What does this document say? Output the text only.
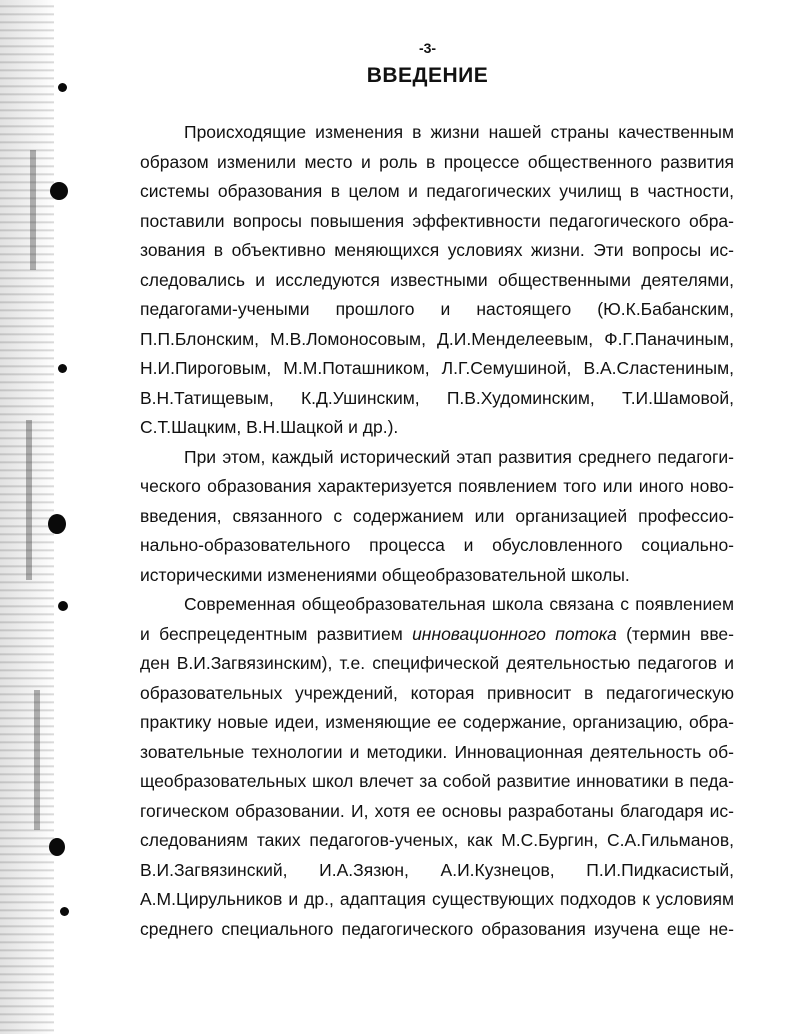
-3-
ВВЕДЕНИЕ
Происходящие изменения в жизни нашей страны качественным
образом изменили место и роль в процессе общественного развития
системы образования в целом и педагогических училищ в частности,
поставили вопросы повышения эффективности педагогического обра-
зования в объективно меняющихся условиях жизни. Эти вопросы ис-
следовались и исследуются известными общественными деятелями,
педагогами-учеными прошлого и настоящего (Ю.К.Бабанским,
П.П.Блонским, М.В.Ломоносовым, Д.И.Менделеевым, Ф.Г.Паначиным,
Н.И.Пироговым, М.М.Поташником, Л.Г.Семушиной, В.А.Сластениным,
В.Н.Татищевым, К.Д.Ушинским, П.В.Худоминским, Т.И.Шамовой,
С.Т.Шацким, В.Н.Шацкой и др.).
При этом, каждый исторический этап развития среднего педагоги-
ческого образования характеризуется появлением того или иного ново-
введения, связанного с содержанием или организацией профессио-
нально-образовательного процесса и обусловленного социально-
историческими изменениями общеобразовательной школы.
Современная общеобразовательная школа связана с появлением
и беспрецедентным развитием инновационного потока (термин вве-
ден В.И.Загвязинским), т.е. специфической деятельностью педагогов и
образовательных учреждений, которая привносит в педагогическую
практику новые идеи, изменяющие ее содержание, организацию, обра-
зовательные технологии и методики. Инновационная деятельность об-
щеобразовательных школ влечет за собой развитие инноватики в педа-
гогическом образовании. И, хотя ее основы разработаны благодаря ис-
следованиям таких педагогов-ученых, как М.С.Бургин, С.А.Гильманов,
В.И.Загвязинский, И.А.Зязюн, А.И.Кузнецов, П.И.Пидкасистый,
А.М.Цирульников и др., адаптация существующих подходов к условиям
среднего специального педагогического образования изучена еще не-
